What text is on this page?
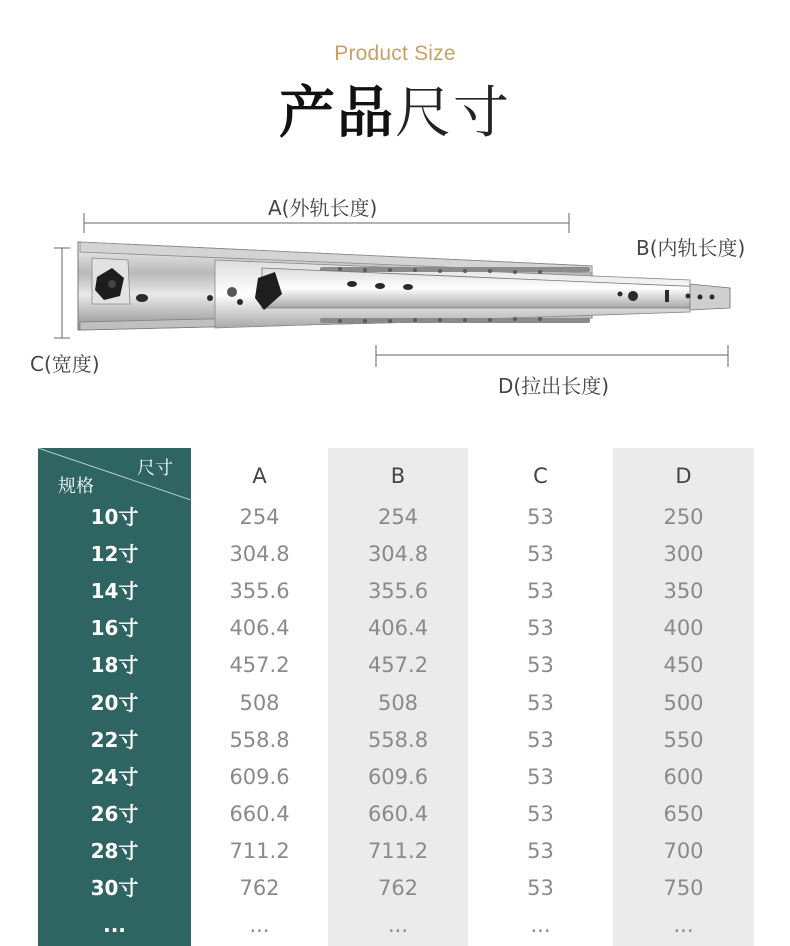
Product Size
产品尺寸
A(外轨长度)
B(内轨长度)
C(宽度)
D(拉出长度)
10寸
12寸
14寸
16寸
18寸
20寸
22寸
24寸
26寸
28寸
30寸
...
A
254
304.8
355.6
406.4
457.2
508
558.8
609.6
660.4
711.2
762
...
B
254
304.8
355.6
406.4
457.2
508
558.8
609.6
660.4
711.2
762
...
C
53
53
53
53
53
53
53
53
53
53
53
...
D
250
300
350
400
450
500
550
600
650
700
750
...
尺寸
规格
